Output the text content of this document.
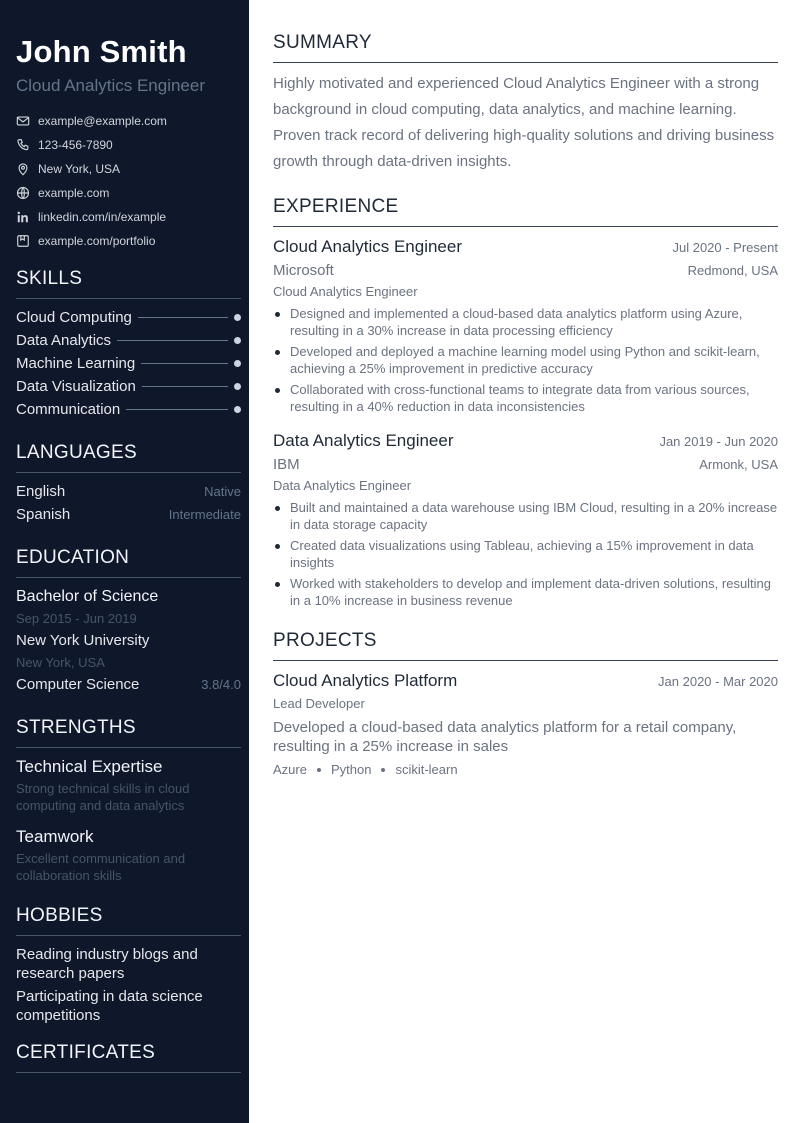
John Smith
Cloud Analytics Engineer
example@example.com
123-456-7890
New York, USA
example.com
linkedin.com/in/example
example.com/portfolio
SKILLS
Cloud Computing
Data Analytics
Machine Learning
Data Visualization
Communication
LANGUAGES
English	Native
Spanish	Intermediate
EDUCATION
Bachelor of Science
Sep 2015 - Jun 2019
New York University
New York, USA
Computer Science	3.8/4.0
STRENGTHS
Technical Expertise
Strong technical skills in cloud computing and data analytics
Teamwork
Excellent communication and collaboration skills
HOBBIES
Reading industry blogs and research papers
Participating in data science competitions
CERTIFICATES
SUMMARY

Highly motivated and experienced Cloud Analytics Engineer with a strong background in cloud computing, data analytics, and machine learning. Proven track record of delivering high-quality solutions and driving business growth through data-driven insights.

EXPERIENCE
Cloud Analytics Engineer	Jul 2020 - Present
Microsoft	Redmond, USA
Cloud Analytics Engineer
Designed and implemented a cloud-based data analytics platform using Azure, resulting in a 30% increase in data processing efficiency
Developed and deployed a machine learning model using Python and scikit-learn, achieving a 25% improvement in predictive accuracy
Collaborated with cross-functional teams to integrate data from various sources, resulting in a 40% reduction in data inconsistencies
Data Analytics Engineer	Jan 2019 - Jun 2020
IBM	Armonk, USA
Data Analytics Engineer
Built and maintained a data warehouse using IBM Cloud, resulting in a 20% increase in data storage capacity
Created data visualizations using Tableau, achieving a 15% improvement in data insights
Worked with stakeholders to develop and implement data-driven solutions, resulting in a 10% increase in business revenue
PROJECTS
Cloud Analytics Platform	Jan 2020 - Mar 2020
Lead Developer
Developed a cloud-based data analytics platform for a retail company, resulting in a 25% increase in sales
Azure Python scikit-learn
